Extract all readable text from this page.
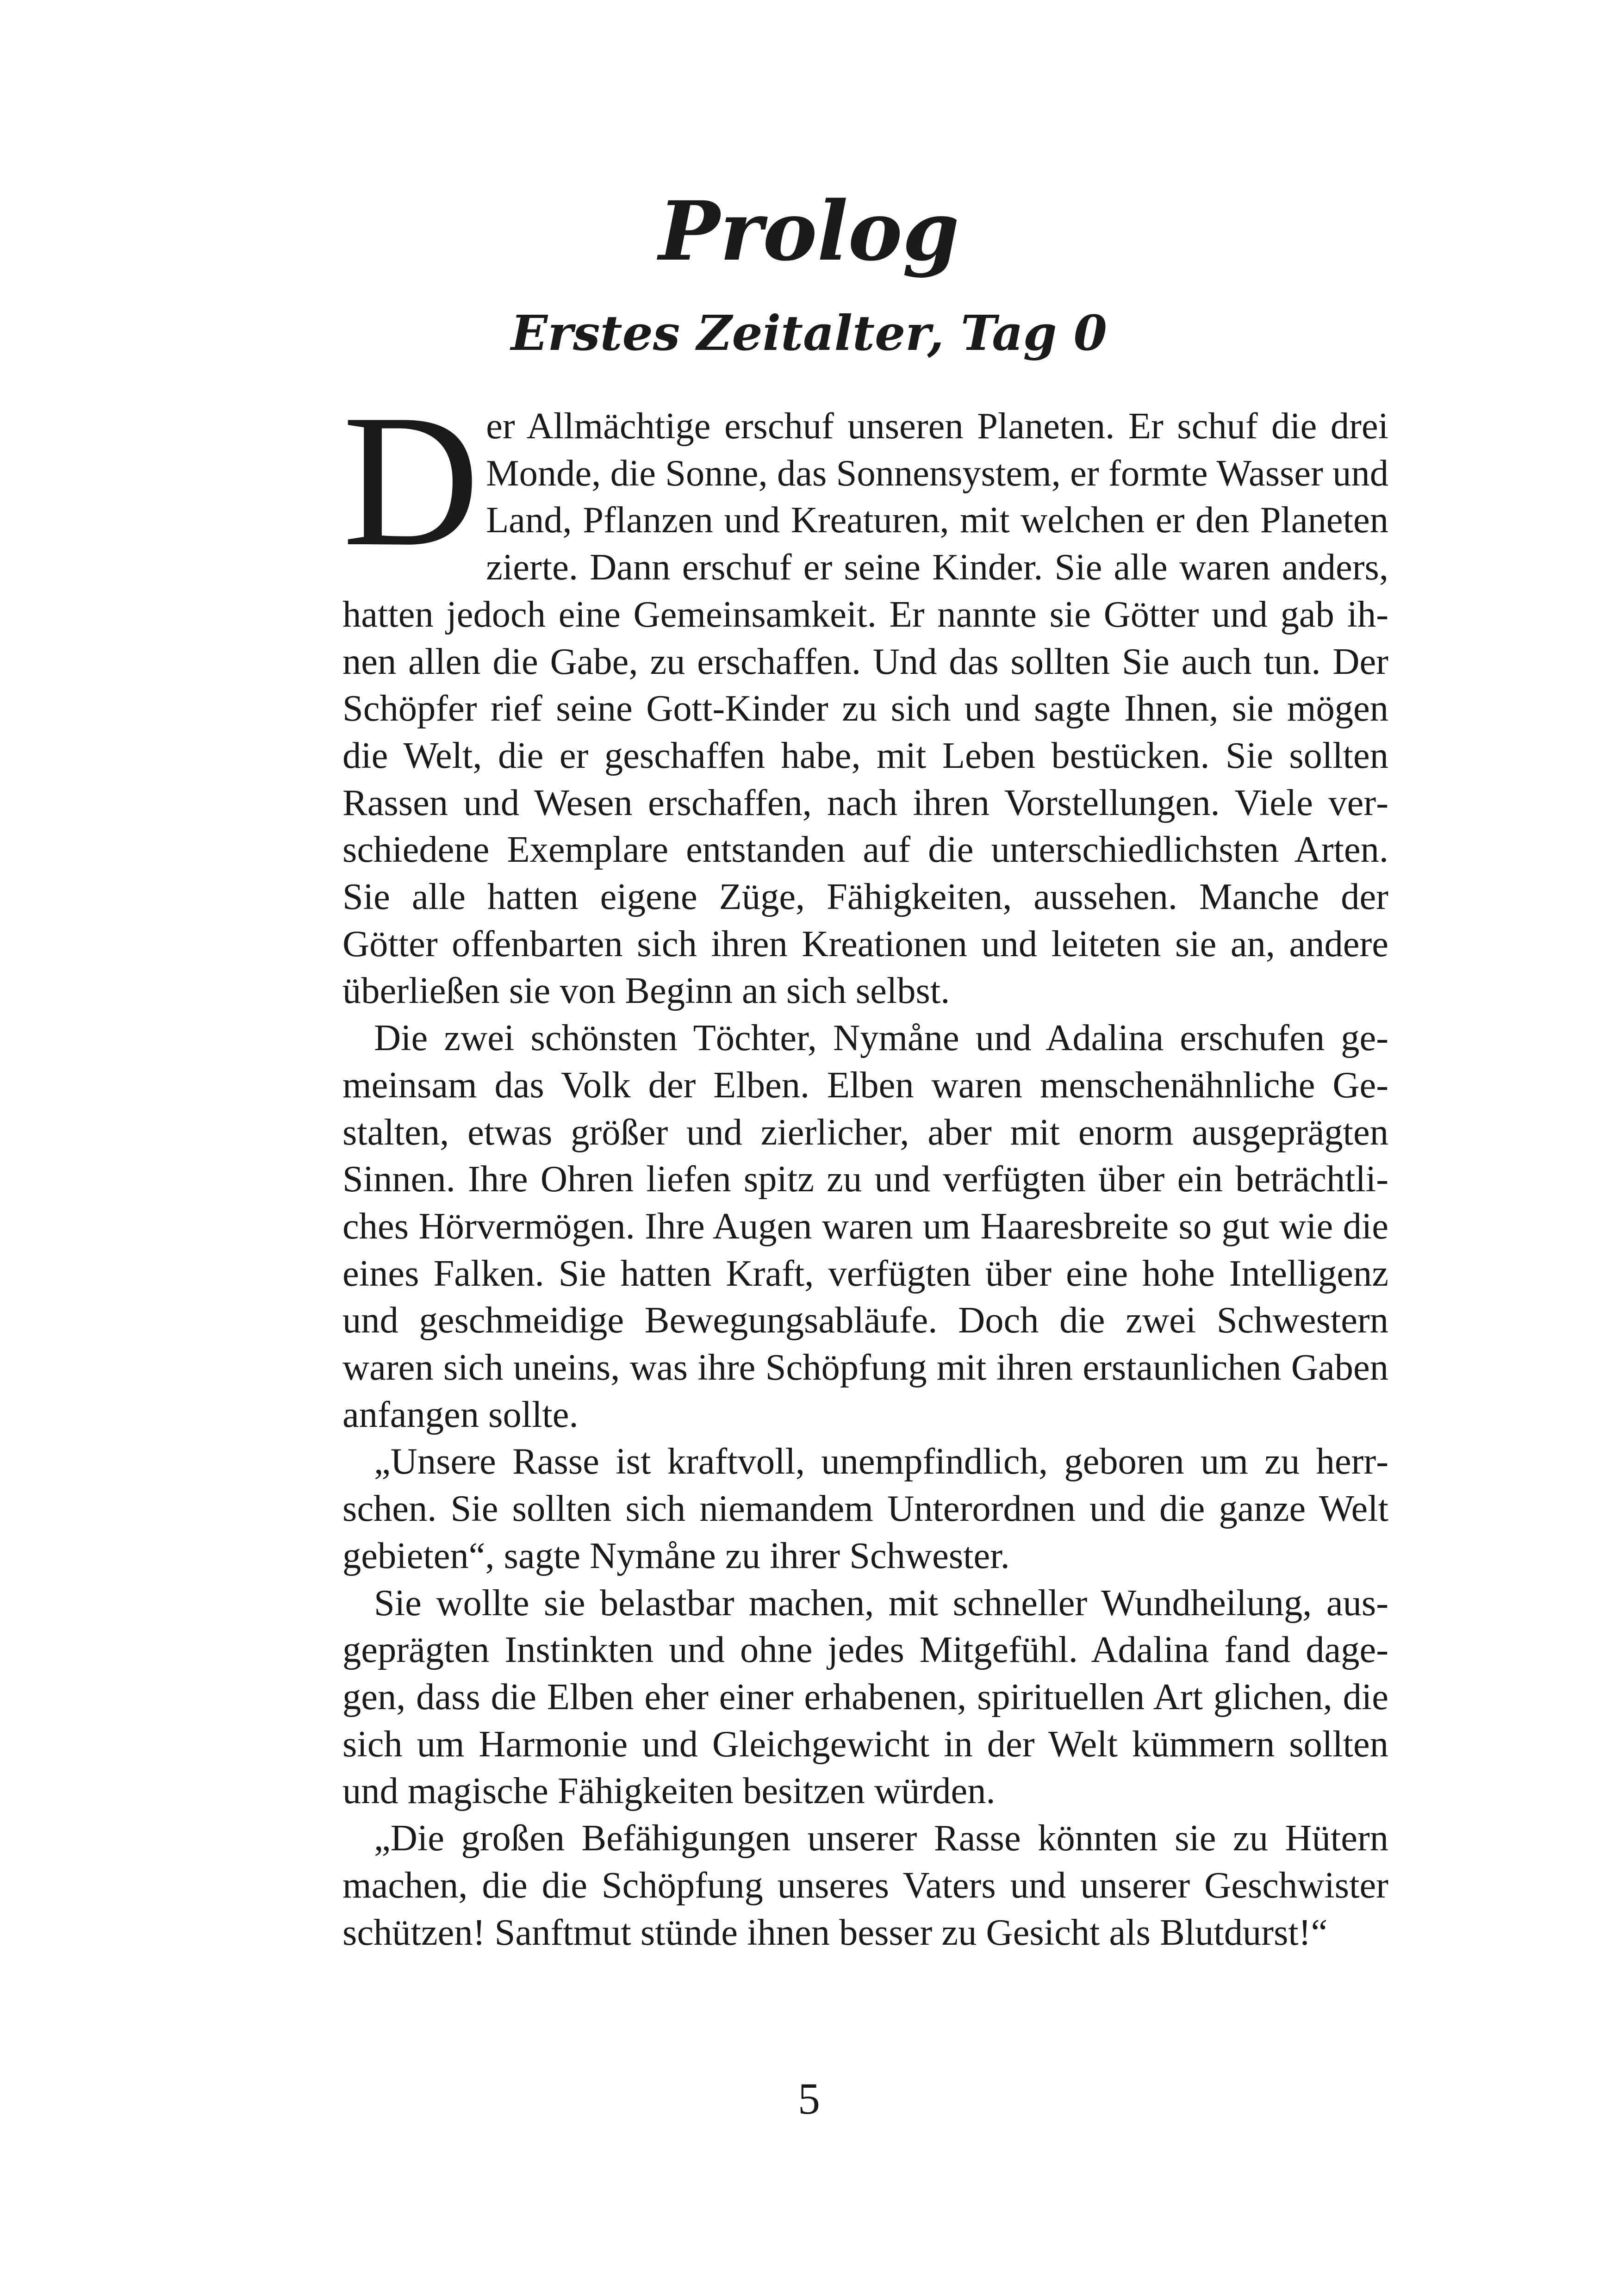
Prolog
Erstes Zeitalter, Tag 0

Der Allmächtige erschuf unseren Planeten. Er schuf die drei Monde, die Sonne, das Sonnensystem, er formte Wasser und Land, Pflanzen und Kreaturen, mit welchen er den Planeten zierte. Dann erschuf er seine Kinder. Sie alle waren anders, hatten jedoch eine Gemeinsamkeit. Er nannte sie Götter und gab ihnen allen die Gabe, zu erschaffen. Und das sollten Sie auch tun. Der Schöpfer rief seine Gott-Kinder zu sich und sagte Ihnen, sie mögen die Welt, die er geschaffen habe, mit Leben bestücken. Sie sollten Rassen und Wesen erschaffen, nach ihren Vorstellungen. Viele verschiedene Exemplare entstanden auf die unterschiedlichsten Arten. Sie alle hatten eigene Züge, Fähigkeiten, aussehen. Manche der Götter offenbarten sich ihren Kreationen und leiteten sie an, andere überließen sie von Beginn an sich selbst.

Die zwei schönsten Töchter, Nymåne und Adalina erschufen gemeinsam das Volk der Elben. Elben waren menschenähnliche Gestalten, etwas größer und zierlicher, aber mit enorm ausgeprägten Sinnen. Ihre Ohren liefen spitz zu und verfügten über ein beträchtliches Hörvermögen. Ihre Augen waren um Haaresbreite so gut wie die eines Falken. Sie hatten Kraft, verfügten über eine hohe Intelligenz und geschmeidige Bewegungsabläufe. Doch die zwei Schwestern waren sich uneins, was ihre Schöpfung mit ihren erstaunlichen Gaben anfangen sollte.

„Unsere Rasse ist kraftvoll, unempfindlich, geboren um zu herrschen. Sie sollten sich niemandem Unterordnen und die ganze Welt gebieten“, sagte Nymåne zu ihrer Schwester.

Sie wollte sie belastbar machen, mit schneller Wundheilung, ausgeprägten Instinkten und ohne jedes Mitgefühl. Adalina fand dagegen, dass die Elben eher einer erhabenen, spirituellen Art glichen, die sich um Harmonie und Gleichgewicht in der Welt kümmern sollten und magische Fähigkeiten besitzen würden.

„Die großen Befähigungen unserer Rasse könnten sie zu Hütern machen, die die Schöpfung unseres Vaters und unserer Geschwister schützen! Sanftmut stünde ihnen besser zu Gesicht als Blutdurst!“

5
